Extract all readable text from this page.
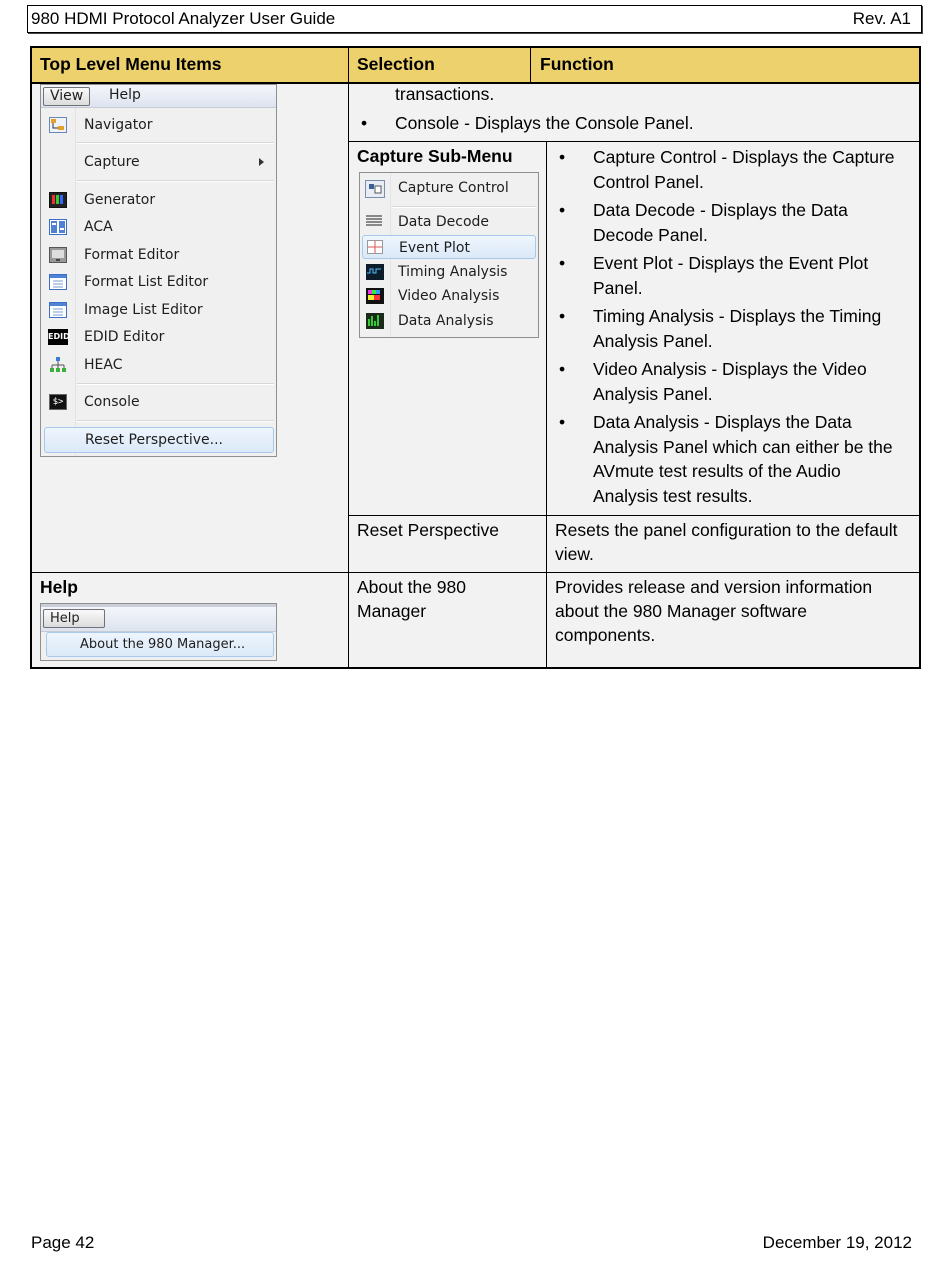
980 HDMI Protocol Analyzer User Guide	Rev. A1
Top Level Menu Items	Selection	Function
transactions.
• Console - Displays the Console Panel.
Capture Sub-Menu
•	Capture Control - Displays the Capture Control Panel.
• Data Decode - Displays the Data Decode Panel.
• Event Plot - Displays the Event Plot Panel.
• Timing Analysis - Displays the Timing Analysis Panel.
• Video Analysis - Displays the Video Analysis Panel.
• Data Analysis - Displays the Data Analysis Panel which can either be the AVmute test results of the Audio Analysis test results.
Reset Perspective	Resets the panel configuration to the default view.
Help	About the 980 Manager
Provides release and version information about the 980 Manager software components.
View	Help
Navigator
Capture
Generator
ACA
Format Editor
Format List Editor
Image List Editor
EDID EDID Editor
HEAC
$> Console
Reset Perspective...
Capture Control
Data Decode
Event Plot
Timing Analysis
Video Analysis
Data Analysis
Help
About the 980 Manager...
Page 42	December 19, 2012
